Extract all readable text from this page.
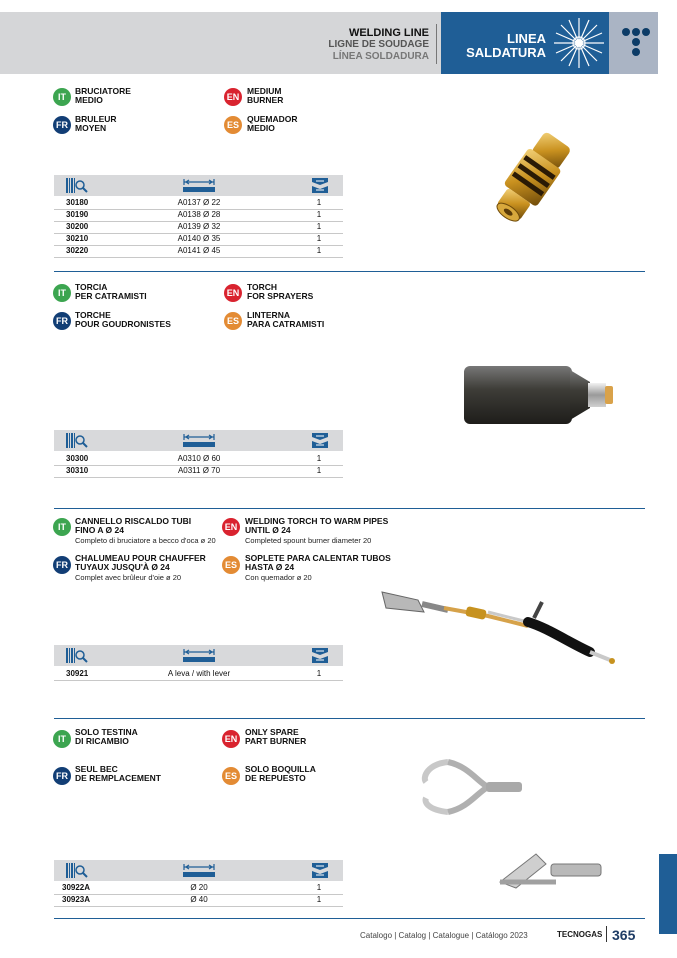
WELDING LINE
LIGNE DE SOUDAGE
LÍNEA SOLDADURA
LINEA
SALDATURA
IT
BRUCIATORE
MEDIO
FR
BRULEUR
MOYEN
EN
MEDIUM
BURNER
ES
QUEMADOR
MEDIO
30180	A0137 Ø 22	1
30190	A0138 Ø 28	1
30200	A0139 Ø 32	1
30210	A0140 Ø 35	1
30220	A0141 Ø 45	1
IT
TORCIA
PER CATRAMISTI
FR
TORCHE
POUR GOUDRONISTES
EN
TORCH
FOR SPRAYERS
ES
LINTERNA
PARA CATRAMISTI
30300	A0310 Ø 60	1
30310	A0311 Ø 70	1
IT
CANNELLO RISCALDO TUBI
FINO A Ø 24
Completo di bruciatore a becco d'oca ø 20
FR
CHALUMEAU POUR CHAUFFER
TUYAUX JUSQU'À Ø 24
Complet avec brûleur d'oie ø 20
EN
WELDING TORCH TO WARM PIPES
UNTIL Ø 24
Completed spount burner diameter 20
ES
SOPLETE PARA CALENTAR TUBOS
HASTA Ø 24
Con quemador ø 20
30921	A leva / with lever	1
IT
SOLO TESTINA
DI RICAMBIO
FR
SEUL BEC
DE REMPLACEMENT
EN
ONLY SPARE
PART BURNER
ES
SOLO BOQUILLA
DE REPUESTO
30922A	Ø 20	1
30923A	Ø 40	1
Catalogo | Catalog | Catalogue | Catálogo 2023	TECNOGAS 365
